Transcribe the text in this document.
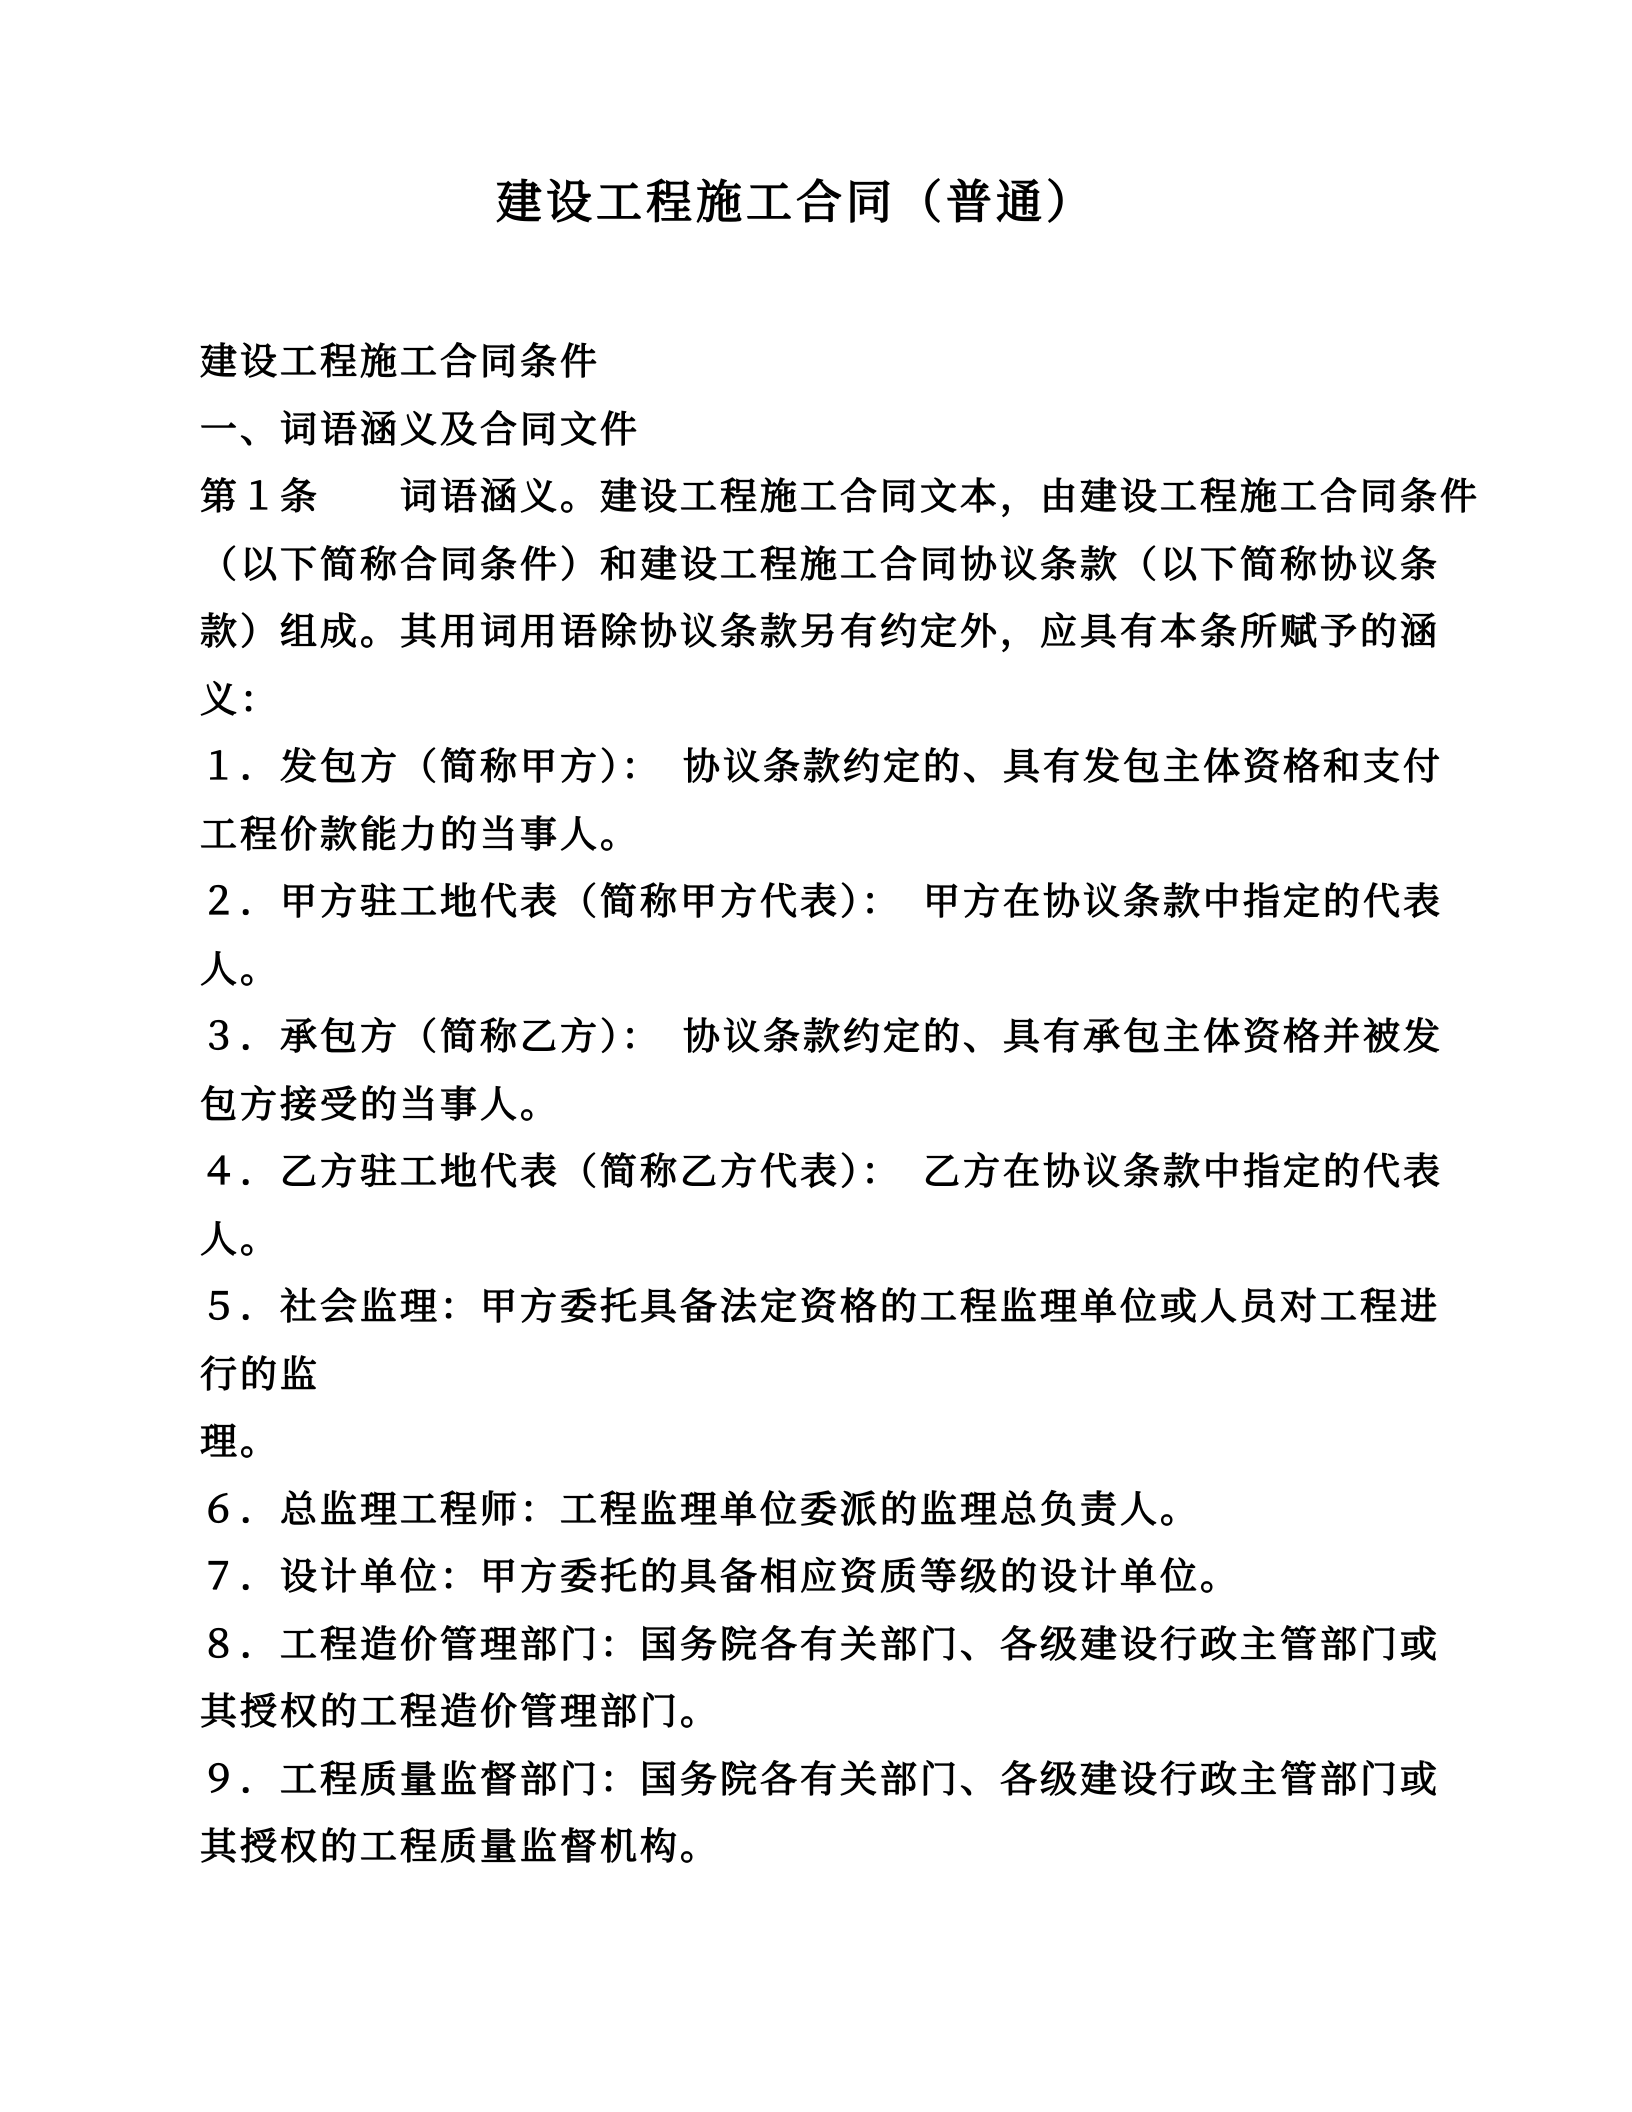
建设工程施工合同（普通）
建设工程施工合同条件
一、词语涵义及合同文件
第１条　　词语涵义。建设工程施工合同文本，由建设工程施工合同条件
（以下简称合同条件）和建设工程施工合同协议条款（以下简称协议条
款）组成。其用词用语除协议条款另有约定外，应具有本条所赋予的涵
义：
１．发包方（简称甲方）：　协议条款约定的、具有发包主体资格和支付
工程价款能力的当事人。
２．甲方驻工地代表（简称甲方代表）：　甲方在协议条款中指定的代表
人。
３．承包方（简称乙方）：　协议条款约定的、具有承包主体资格并被发
包方接受的当事人。
４．乙方驻工地代表（简称乙方代表）：　乙方在协议条款中指定的代表
人。
５．社会监理：甲方委托具备法定资格的工程监理单位或人员对工程进
行的监
理。
６．总监理工程师：工程监理单位委派的监理总负责人。
７．设计单位：甲方委托的具备相应资质等级的设计单位。
８．工程造价管理部门：国务院各有关部门、各级建设行政主管部门或
其授权的工程造价管理部门。
９．工程质量监督部门：国务院各有关部门、各级建设行政主管部门或
其授权的工程质量监督机构。
